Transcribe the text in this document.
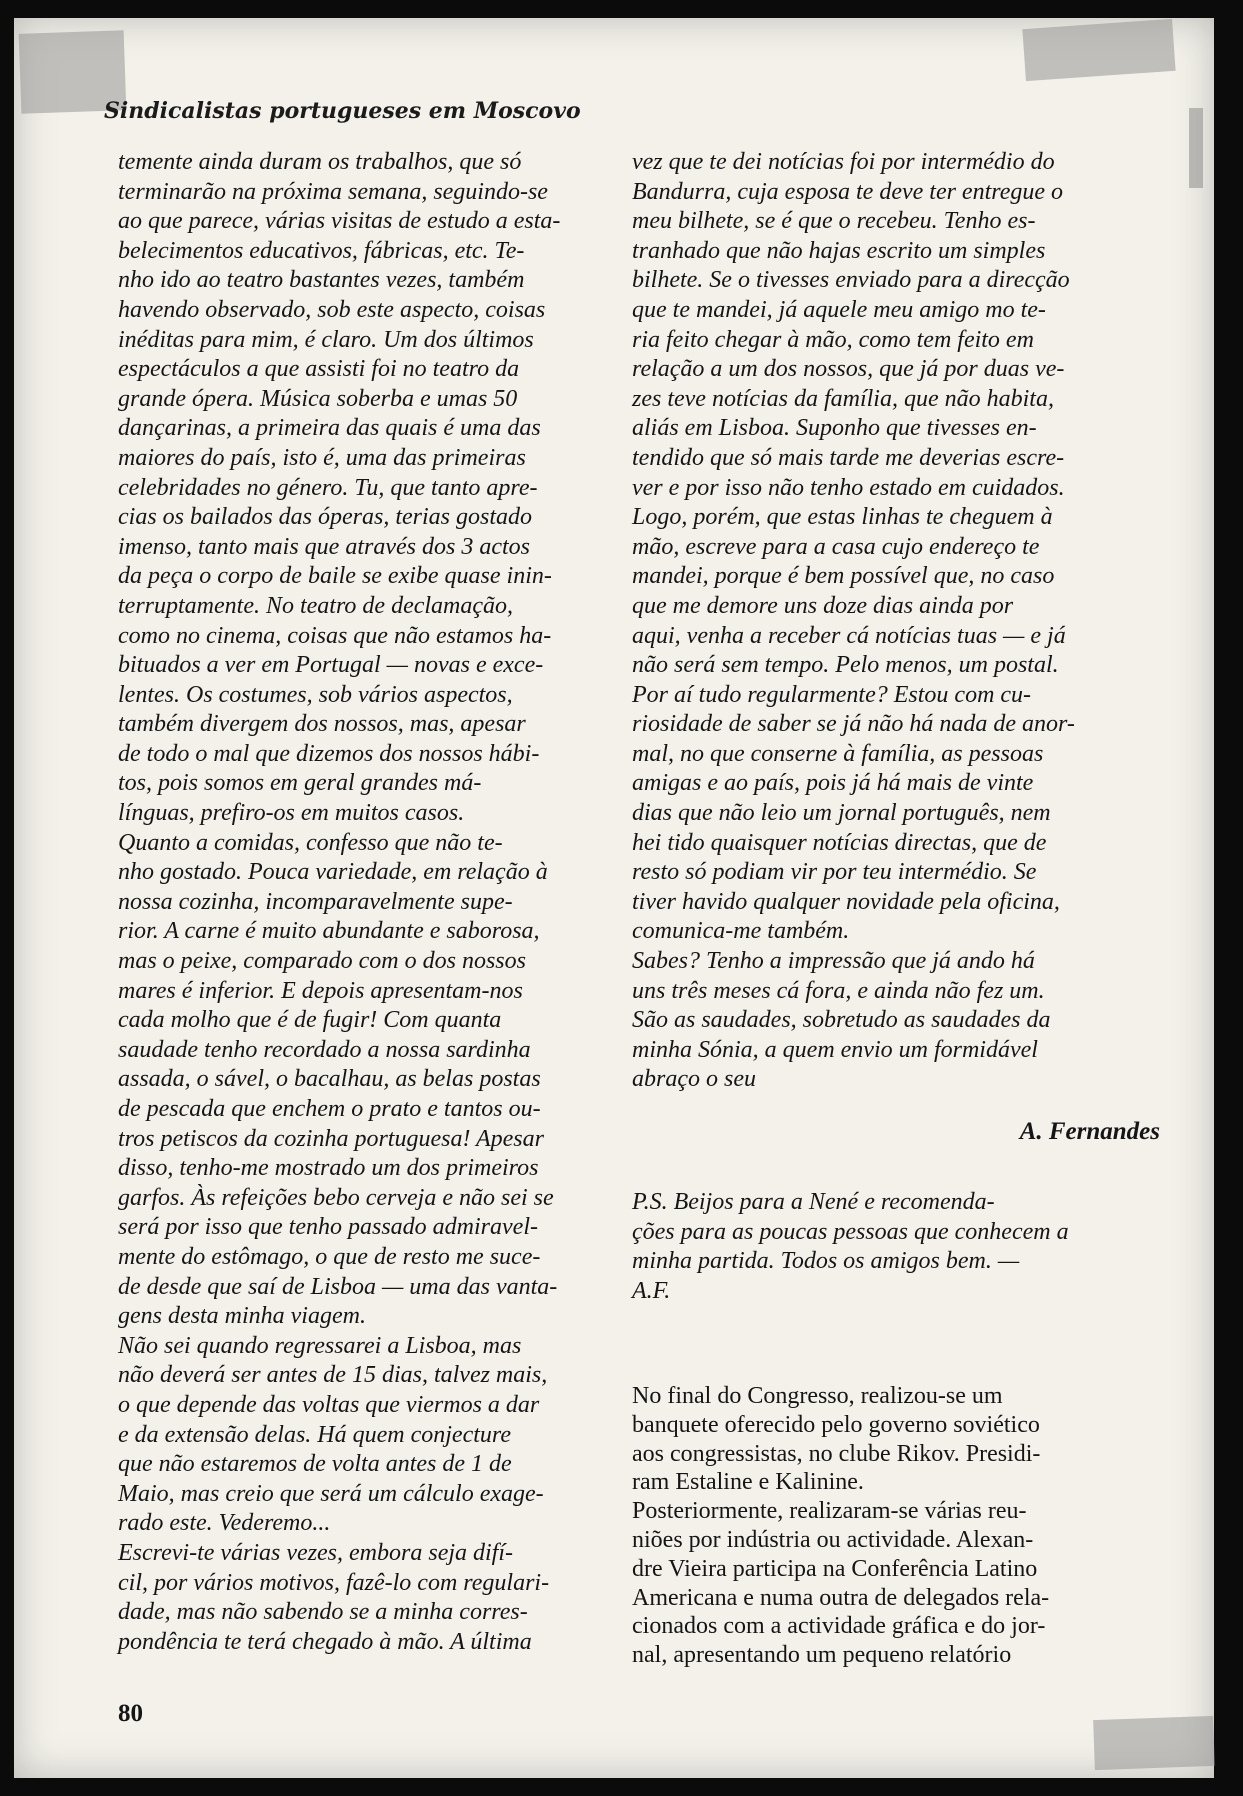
Sindicalistas portugueses em Moscovo

temente ainda duram os trabalhos, que só

terminarão na próxima semana, seguindo-se

ao que parece, várias visitas de estudo a esta-

belecimentos educativos, fábricas, etc. Te-

nho ido ao teatro bastantes vezes, também

havendo observado, sob este aspecto, coisas

inéditas para mim, é claro. Um dos últimos

espectáculos a que assisti foi no teatro da

grande ópera. Música soberba e umas 50

dançarinas, a primeira das quais é uma das

maiores do país, isto é, uma das primeiras

celebridades no género. Tu, que tanto apre-

cias os bailados das óperas, terias gostado

imenso, tanto mais que através dos 3 actos

da peça o corpo de baile se exibe quase inin-

terruptamente. No teatro de declamação,

como no cinema, coisas que não estamos ha-

bituados a ver em Portugal — novas e exce-

lentes. Os costumes, sob vários aspectos,

também divergem dos nossos, mas, apesar

de todo o mal que dizemos dos nossos hábi-

tos, pois somos em geral grandes má-

línguas, prefiro-os em muitos casos.

Quanto a comidas, confesso que não te-

nho gostado. Pouca variedade, em relação à

nossa cozinha, incomparavelmente supe-

rior. A carne é muito abundante e saborosa,

mas o peixe, comparado com o dos nossos

mares é inferior. E depois apresentam-nos

cada molho que é de fugir! Com quanta

saudade tenho recordado a nossa sardinha

assada, o sável, o bacalhau, as belas postas

de pescada que enchem o prato e tantos ou-

tros petiscos da cozinha portuguesa! Apesar

disso, tenho-me mostrado um dos primeiros

garfos. Às refeições bebo cerveja e não sei se

será por isso que tenho passado admiravel-

mente do estômago, o que de resto me suce-

de desde que saí de Lisboa — uma das vanta-

gens desta minha viagem.

Não sei quando regressarei a Lisboa, mas

não deverá ser antes de 15 dias, talvez mais,

o que depende das voltas que viermos a dar

e da extensão delas. Há quem conjecture

que não estaremos de volta antes de 1 de

Maio, mas creio que será um cálculo exage-

rado este. Vederemo...

Escrevi-te várias vezes, embora seja difí-

cil, por vários motivos, fazê-lo com regulari-

dade, mas não sabendo se a minha corres-

pondência te terá chegado à mão. A última

vez que te dei notícias foi por intermédio do

Bandurra, cuja esposa te deve ter entregue o

meu bilhete, se é que o recebeu. Tenho es-

tranhado que não hajas escrito um simples

bilhete. Se o tivesses enviado para a direcção

que te mandei, já aquele meu amigo mo te-

ria feito chegar à mão, como tem feito em

relação a um dos nossos, que já por duas ve-

zes teve notícias da família, que não habita,

aliás em Lisboa. Suponho que tivesses en-

tendido que só mais tarde me deverias escre-

ver e por isso não tenho estado em cuidados.

Logo, porém, que estas linhas te cheguem à

mão, escreve para a casa cujo endereço te

mandei, porque é bem possível que, no caso

que me demore uns doze dias ainda por

aqui, venha a receber cá notícias tuas — e já

não será sem tempo. Pelo menos, um postal.

Por aí tudo regularmente? Estou com cu-

riosidade de saber se já não há nada de anor-

mal, no que conserne à família, as pessoas

amigas e ao país, pois já há mais de vinte

dias que não leio um jornal português, nem

hei tido quaisquer notícias directas, que de

resto só podiam vir por teu intermédio. Se

tiver havido qualquer novidade pela oficina,

comunica-me também.

Sabes? Tenho a impressão que já ando há

uns três meses cá fora, e ainda não fez um.

São as saudades, sobretudo as saudades da

minha Sónia, a quem envio um formidável

abraço o seu

A. Fernandes

P.S. Beijos para a Nené e recomenda-

ções para as poucas pessoas que conhecem a

minha partida. Todos os amigos bem. —

A.F.

No final do Congresso, realizou-se um

banquete oferecido pelo governo soviético

aos congressistas, no clube Rikov. Presidi-

ram Estaline e Kalinine.

Posteriormente, realizaram-se várias reu-

niões por indústria ou actividade. Alexan-

dre Vieira participa na Conferência Latino

Americana e numa outra de delegados rela-

cionados com a actividade gráfica e do jor-

nal, apresentando um pequeno relatório

80
